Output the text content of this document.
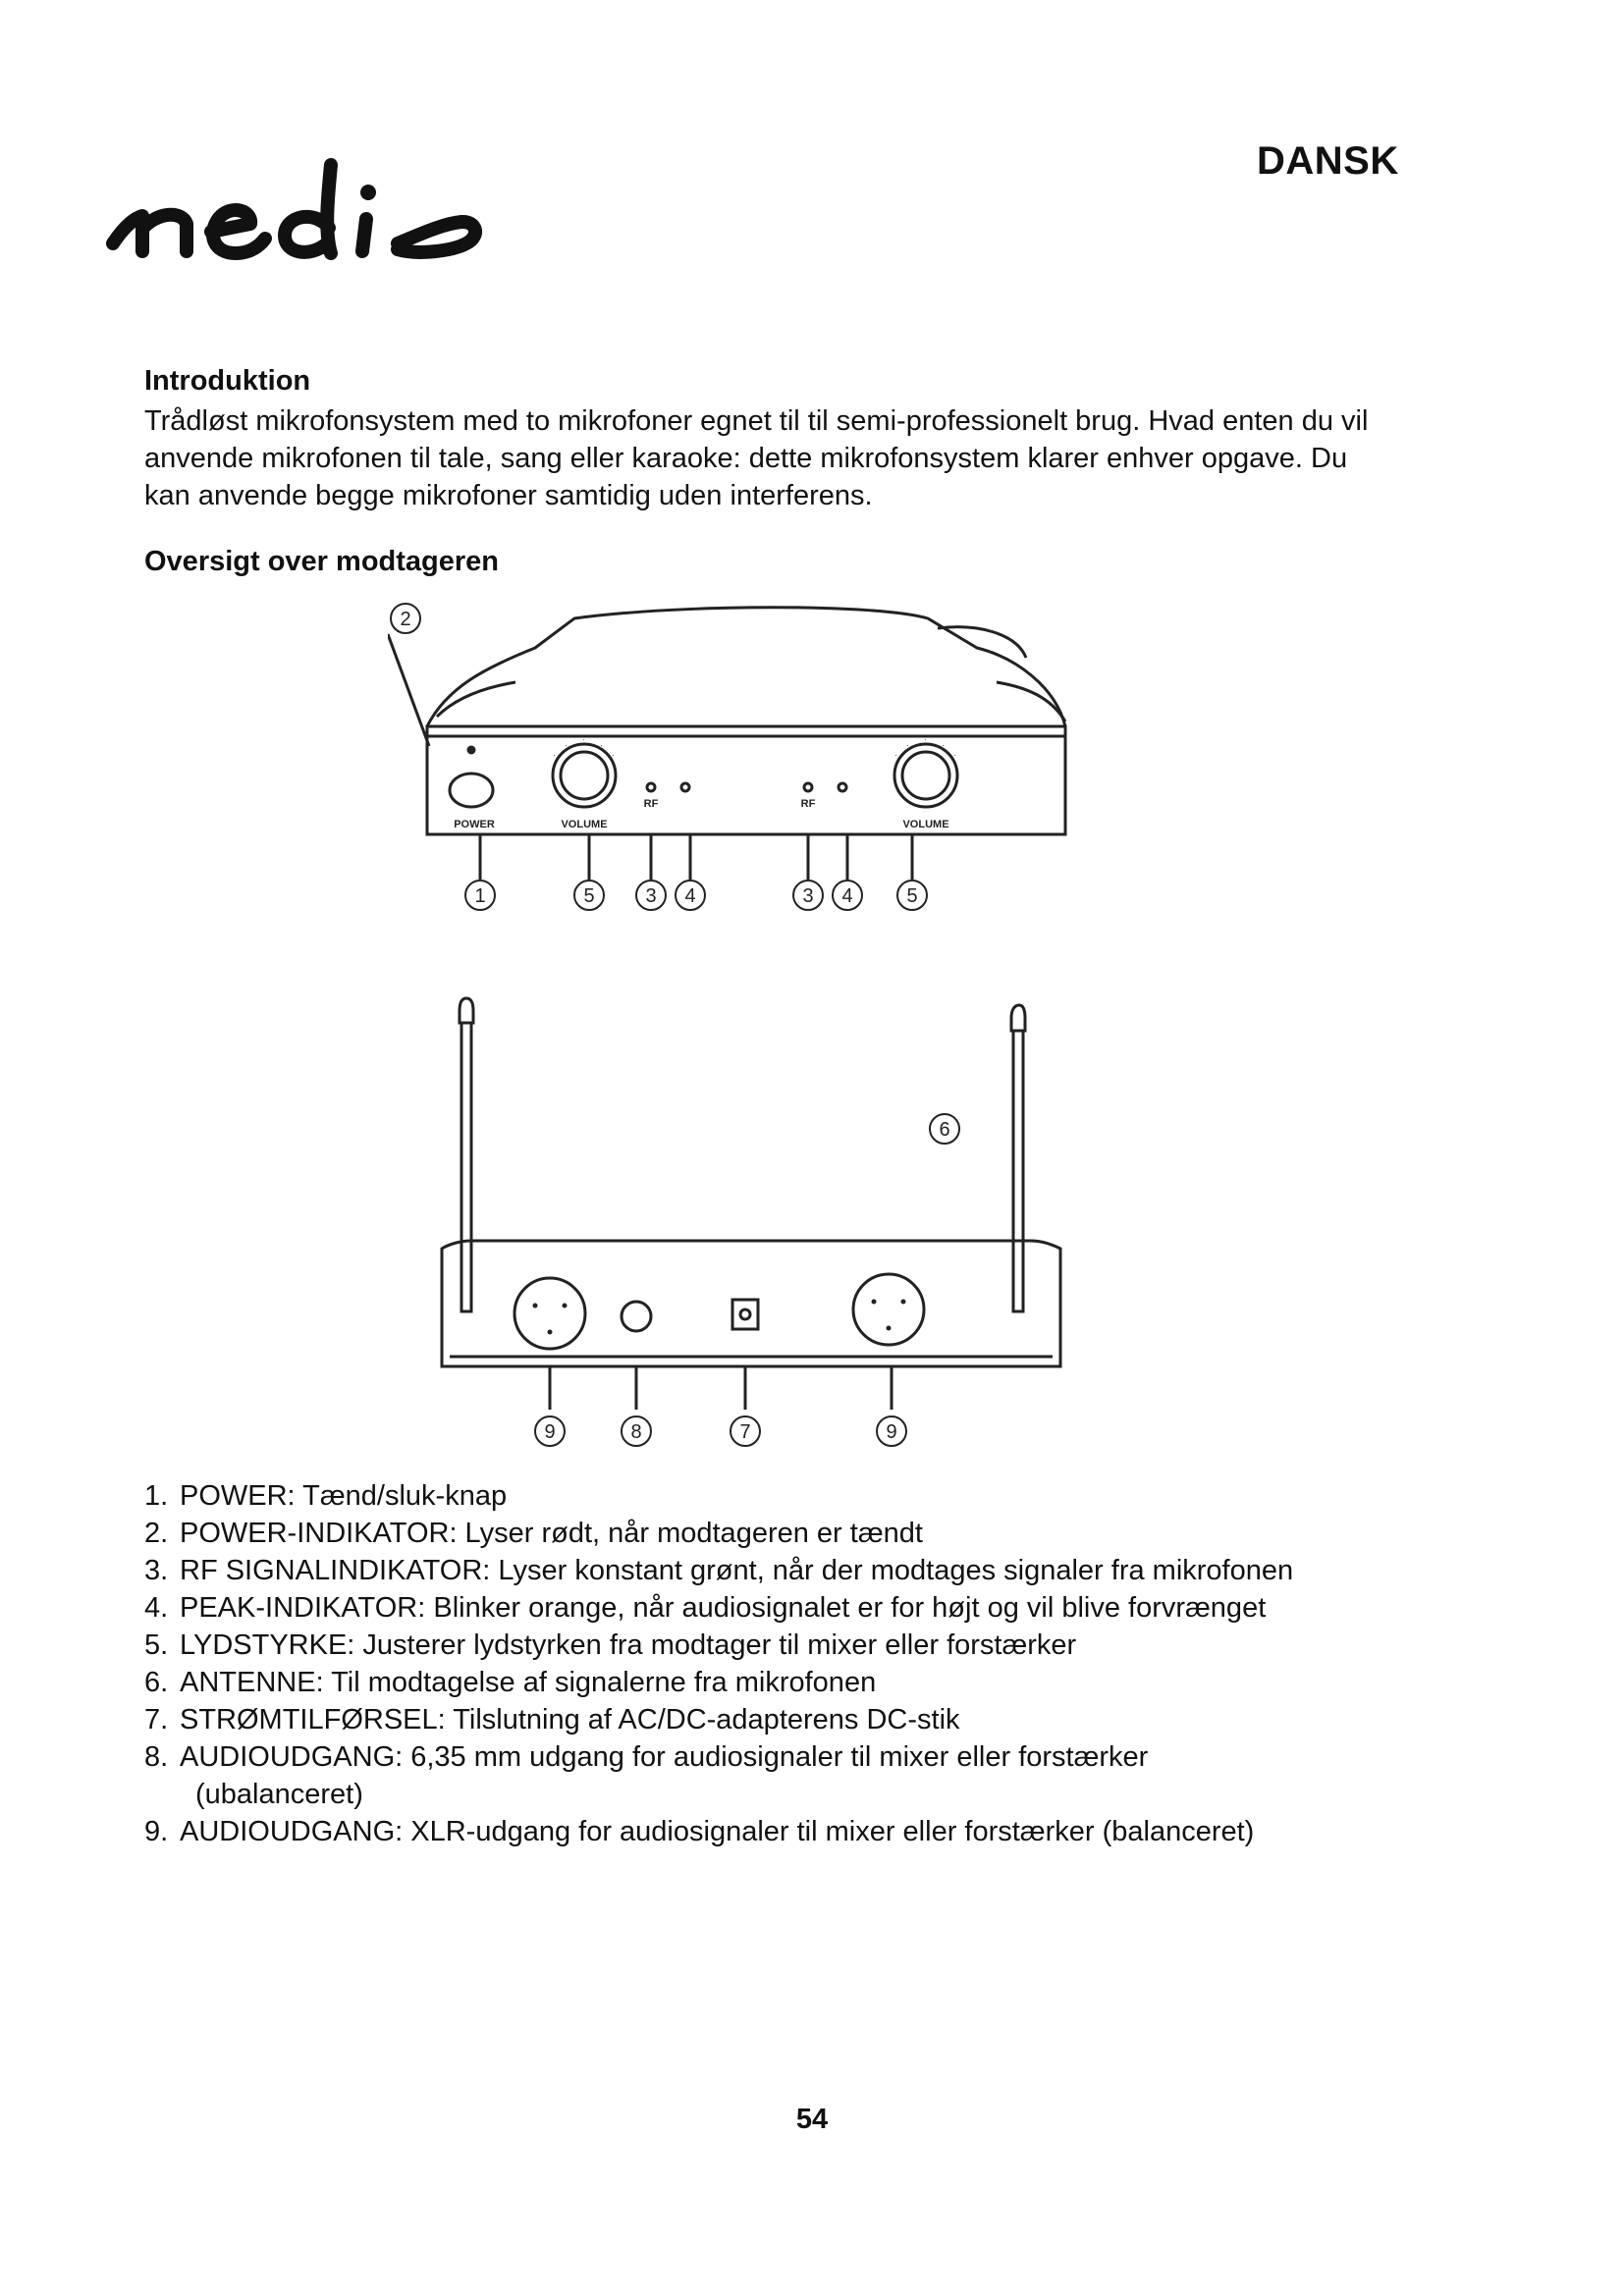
DANSK
Introduktion
Trådløst mikrofonsystem med to mikrofoner egnet til til semi-professionelt brug. Hvad enten du vil anvende mikrofonen til tale, sang eller karaoke: dette mikrofonsystem klarer enhver opgave. Du kan anvende begge mikrofoner samtidig uden interferens.
Oversigt over modtageren
·
·
·
·
·	·
·
·
·
·
POWER	VOLUME
RF	RF
VOLUME
2
1	5	3 4	3 4	5
6
9	8	7	9
1. POWER: Tænd/sluk-knap
2. POWER-INDIKATOR: Lyser rødt, når modtageren er tændt
3. RF SIGNALINDIKATOR: Lyser konstant grønt, når der modtages signaler fra mikrofonen
4. PEAK-INDIKATOR: Blinker orange, når audiosignalet er for højt og vil blive forvrænget
5. LYDSTYRKE: Justerer lydstyrken fra modtager til mixer eller forstærker
6. ANTENNE: Til modtagelse af signalerne fra mikrofonen
7. STRØMTILFØRSEL: Tilslutning af AC/DC-adapterens DC-stik
8. AUDIOUDGANG: 6,35 mm udgang for audiosignaler til mixer eller forstærker
(ubalanceret)
9. AUDIOUDGANG: XLR-udgang for audiosignaler til mixer eller forstærker (balanceret)
54
